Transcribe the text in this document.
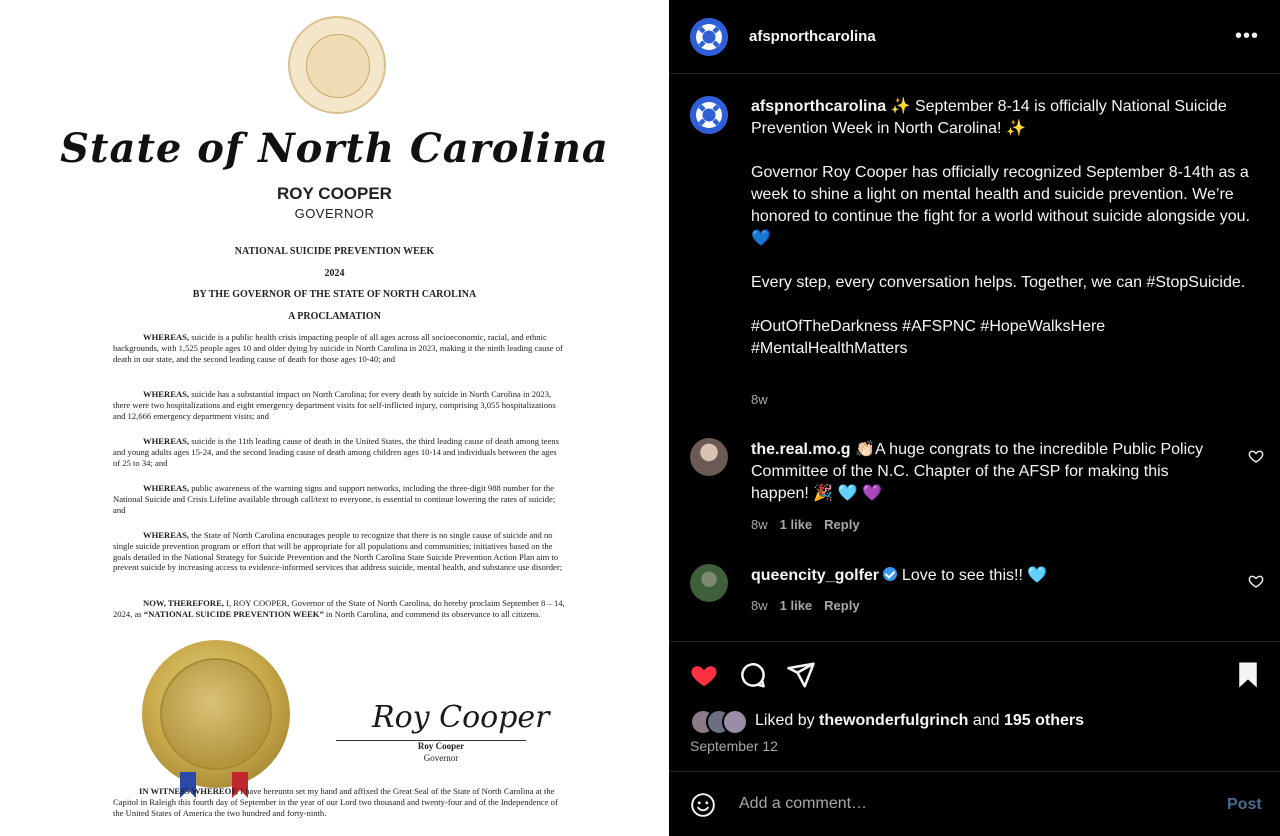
State of North Carolina
ROY COOPER
GOVERNOR
NATIONAL SUICIDE PREVENTION WEEK
2024
BY THE GOVERNOR OF THE STATE OF NORTH CAROLINA
A PROCLAMATION
WHEREAS, suicide is a public health crisis impacting people of all ages across all socioeconomic, racial, and ethnic backgrounds, with 1,525 people ages 10 and older dying by suicide in North Carolina in 2023, making it the ninth leading cause of death in our state, and the second leading cause of death for those ages 10-40; and
WHEREAS, suicide has a substantial impact on North Carolina; for every death by suicide in North Carolina in 2023, there were two hospitalizations and eight emergency department visits for self-inflicted injury, comprising 3,055 hospitalizations and 12,666 emergency department visits; and
WHEREAS, suicide is the 11th leading cause of death in the United States, the third leading cause of death among teens and young adults ages 15-24, and the second leading cause of death among children ages 10-14 and individuals between the ages of 25 to 34; and
WHEREAS, public awareness of the warning signs and support networks, including the three-digit 988 number for the National Suicide and Crisis Lifeline available through call/text to everyone, is essential to continue lowering the rates of suicide; and
WHEREAS, the State of North Carolina encourages people to recognize that there is no single cause of suicide and no single suicide prevention program or effort that will be appropriate for all populations and communities; initiatives based on the goals detailed in the National Strategy for Suicide Prevention and the North Carolina State Suicide Prevention Action Plan aim to prevent suicide by increasing access to evidence-informed services that address suicide, mental health, and substance use disorder;
NOW, THEREFORE, I, ROY COOPER, Governor of the State of North Carolina, do hereby proclaim September 8 – 14, 2024, as “NATIONAL SUICIDE PREVENTION WEEK” in North Carolina, and commend its observance to all citizens.
Roy Cooper
Roy Cooper
Governor
IN WITNESS WHEREOF, I have hereunto set my hand and affixed the Great Seal of the State of North Carolina at the Capitol in Raleigh this fourth day of September in the year of our Lord two thousand and twenty-four and of the Independence of the United States of America the two hundred and forty-ninth.
afspnorthcarolina	•••

afspnorthcarolina ✨ September 8-14 is officially National Suicide Prevention Week in North Carolina! ✨

Governor Roy Cooper has officially recognized September 8-14th as a week to shine a light on mental health and suicide prevention. We’re honored to continue the fight for a world without suicide alongside you. 💙

Every step, every conversation helps. Together, we can #StopSuicide.

#OutOfTheDarkness #AFSPNC #HopeWalksHere #MentalHealthMatters

8w
the.real.mo.g 👏🏻A huge congrats to the incredible Public Policy Committee of the N.C. Chapter of the AFSP for making this happen! 🎉 🩵 💜
8w 1 like Reply
queencity_golfer  Love to see this!! 🩵
8w 1 like Reply
Liked by thewonderfulgrinch and 195 others
September 12
Add a comment…
Post
